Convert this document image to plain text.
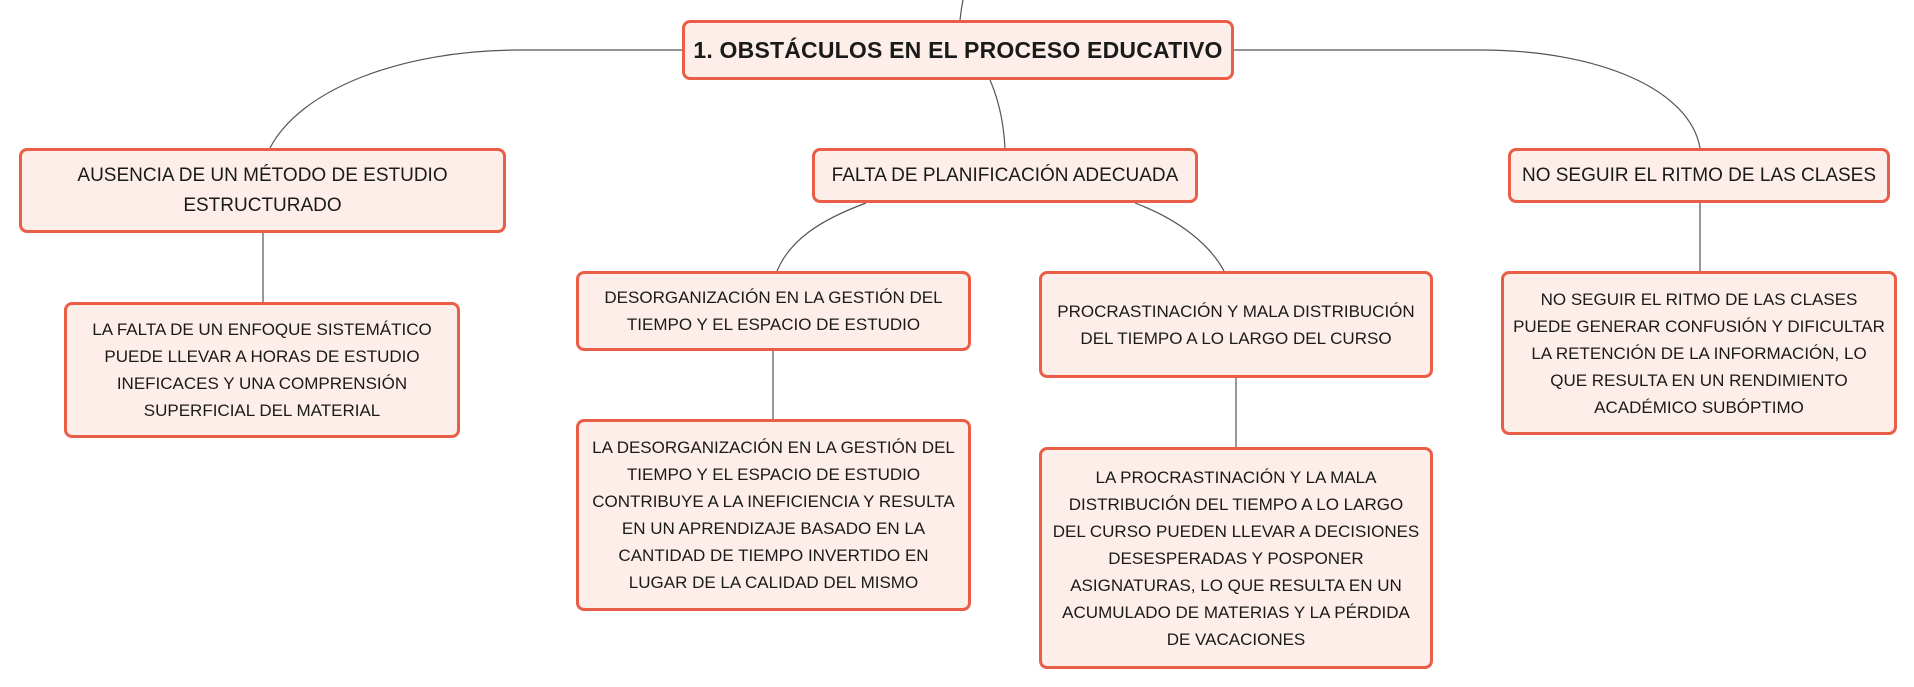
1. OBSTÁCULOS EN EL PROCESO EDUCATIVO
AUSENCIA DE UN MÉTODO DE ESTUDIO ESTRUCTURADO
LA FALTA DE UN ENFOQUE SISTEMÁTICO PUEDE LLEVAR A HORAS DE ESTUDIO INEFICACES Y UNA COMPRENSIÓN SUPERFICIAL DEL MATERIAL
FALTA DE PLANIFICACIÓN ADECUADA
DESORGANIZACIÓN EN LA GESTIÓN DEL TIEMPO Y EL ESPACIO DE ESTUDIO
LA DESORGANIZACIÓN EN LA GESTIÓN DEL TIEMPO Y EL ESPACIO DE ESTUDIO CONTRIBUYE A LA INEFICIENCIA Y RESULTA EN UN APRENDIZAJE BASADO EN LA CANTIDAD DE TIEMPO INVERTIDO EN LUGAR DE LA CALIDAD DEL MISMO
PROCRASTINACIÓN Y MALA DISTRIBUCIÓN DEL TIEMPO A LO LARGO DEL CURSO
LA PROCRASTINACIÓN Y LA MALA DISTRIBUCIÓN DEL TIEMPO A LO LARGO DEL CURSO PUEDEN LLEVAR A DECISIONES DESESPERADAS Y POSPONER ASIGNATURAS, LO QUE RESULTA EN UN ACUMULADO DE MATERIAS Y LA PÉRDIDA DE VACACIONES
NO SEGUIR EL RITMO DE LAS CLASES
NO SEGUIR EL RITMO DE LAS CLASES PUEDE GENERAR CONFUSIÓN Y DIFICULTAR LA RETENCIÓN DE LA INFORMACIÓN, LO QUE RESULTA EN UN RENDIMIENTO ACADÉMICO SUBÓPTIMO
